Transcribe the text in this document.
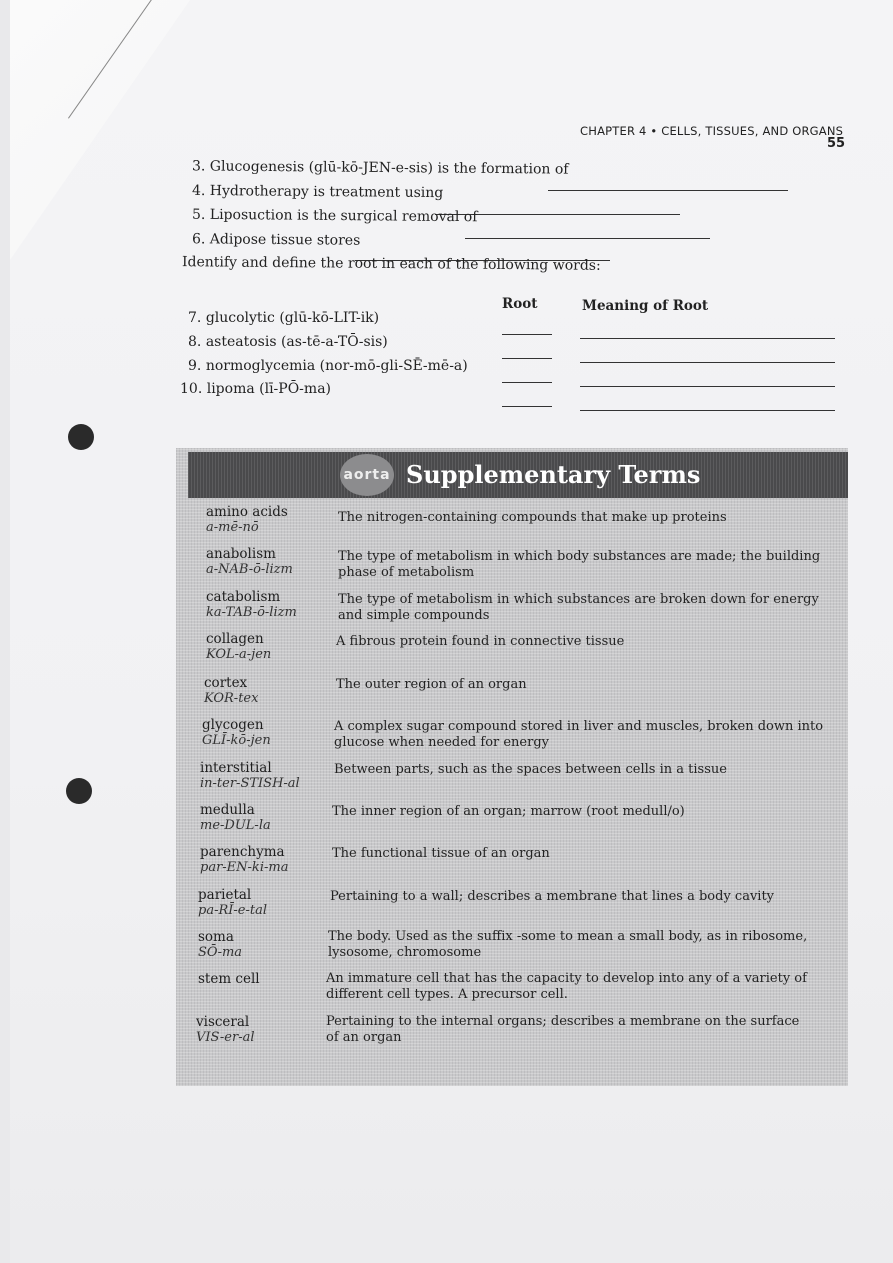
CHAPTER 4 • CELLS, TISSUES, AND ORGANS
55
3. Glucogenesis (glū-kō-JEN-e-sis) is the formation of
4. Hydrotherapy is treatment using
5. Liposuction is the surgical removal of
6. Adipose tissue stores
Identify and define the root in each of the following words:
Root	Meaning of Root
7. glucolytic (glū-kō-LIT-ik)
8. asteatosis (as-tē-a-TŌ-sis)
9. normoglycemia (nor-mō-gli-SĒ-mē-a)
10. lipoma (lī-PŌ-ma)
aorta Supplementary Terms
amino acids
a-mē-nō
The nitrogen-containing compounds that make up proteins
anabolism
a-NAB-ō-lizm
The type of metabolism in which body substances are made; the building phase of metabolism
catabolism
ka-TAB-ō-lizm
The type of metabolism in which substances are broken down for energy and simple compounds
collagen
KOL-a-jen
A fibrous protein found in connective tissue
cortex
KOR-tex
The outer region of an organ
glycogen
GLĪ-kō-jen
A complex sugar compound stored in liver and muscles, broken down into glucose when needed for energy
interstitial
in-ter-STISH-al
Between parts, such as the spaces between cells in a tissue
medulla
me-DUL-la
The inner region of an organ; marrow (root medull/o)
parenchyma
par-EN-ki-ma
The functional tissue of an organ
parietal
pa-RĪ-e-tal
Pertaining to a wall; describes a membrane that lines a body cavity
soma
SŌ-ma
The body. Used as the suffix -some to mean a small body, as in ribosome, lysosome, chromosome
stem cell	An immature cell that has the capacity to develop into any of a variety of different cell types. A precursor cell.
visceral
VIS-er-al
Pertaining to the internal organs; describes a membrane on the surface of an organ
